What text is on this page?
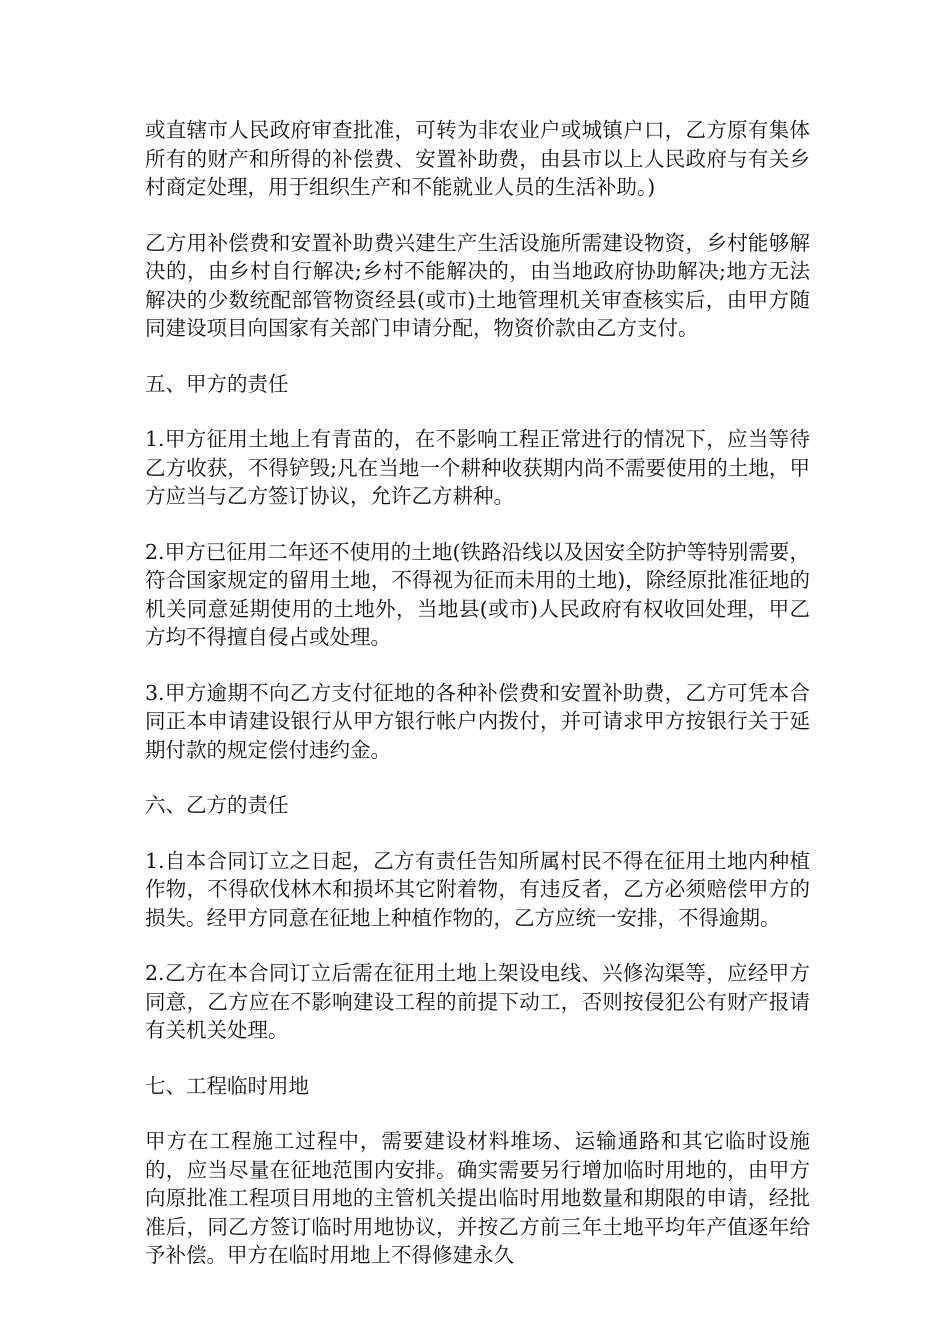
或直辖市人民政府审查批准，可转为非农业户或城镇户口，乙方原有集体所有的财产和所得的补偿费、安置补助费，由县市以上人民政府与有关乡村商定处理，用于组织生产和不能就业人员的生活补助。)

乙方用补偿费和安置补助费兴建生产生活设施所需建设物资，乡村能够解决的，由乡村自行解决;乡村不能解决的，由当地政府协助解决;地方无法解决的少数统配部管物资经县(或市)土地管理机关审查核实后，由甲方随同建设项目向国家有关部门申请分配，物资价款由乙方支付。

五、甲方的责任

1.甲方征用土地上有青苗的，在不影响工程正常进行的情况下，应当等待乙方收获，不得铲毁;凡在当地一个耕种收获期内尚不需要使用的土地，甲方应当与乙方签订协议，允许乙方耕种。

2.甲方已征用二年还不使用的土地(铁路沿线以及因安全防护等特别需要，符合国家规定的留用土地，不得视为征而未用的土地)，除经原批准征地的机关同意延期使用的土地外，当地县(或市)人民政府有权收回处理，甲乙方均不得擅自侵占或处理。

3.甲方逾期不向乙方支付征地的各种补偿费和安置补助费，乙方可凭本合同正本申请建设银行从甲方银行帐户内拨付，并可请求甲方按银行关于延期付款的规定偿付违约金。

六、乙方的责任

1.自本合同订立之日起，乙方有责任告知所属村民不得在征用土地内种植作物，不得砍伐林木和损坏其它附着物，有违反者，乙方必须赔偿甲方的损失。经甲方同意在征地上种植作物的，乙方应统一安排，不得逾期。

2.乙方在本合同订立后需在征用土地上架设电线、兴修沟渠等，应经甲方同意，乙方应在不影响建设工程的前提下动工，否则按侵犯公有财产报请有关机关处理。

七、工程临时用地

甲方在工程施工过程中，需要建设材料堆场、运输通路和其它临时设施的，应当尽量在征地范围内安排。确实需要另行增加临时用地的，由甲方向原批准工程项目用地的主管机关提出临时用地数量和期限的申请，经批准后，同乙方签订临时用地协议，并按乙方前三年土地平均年产值逐年给予补偿。甲方在临时用地上不得修建永久
